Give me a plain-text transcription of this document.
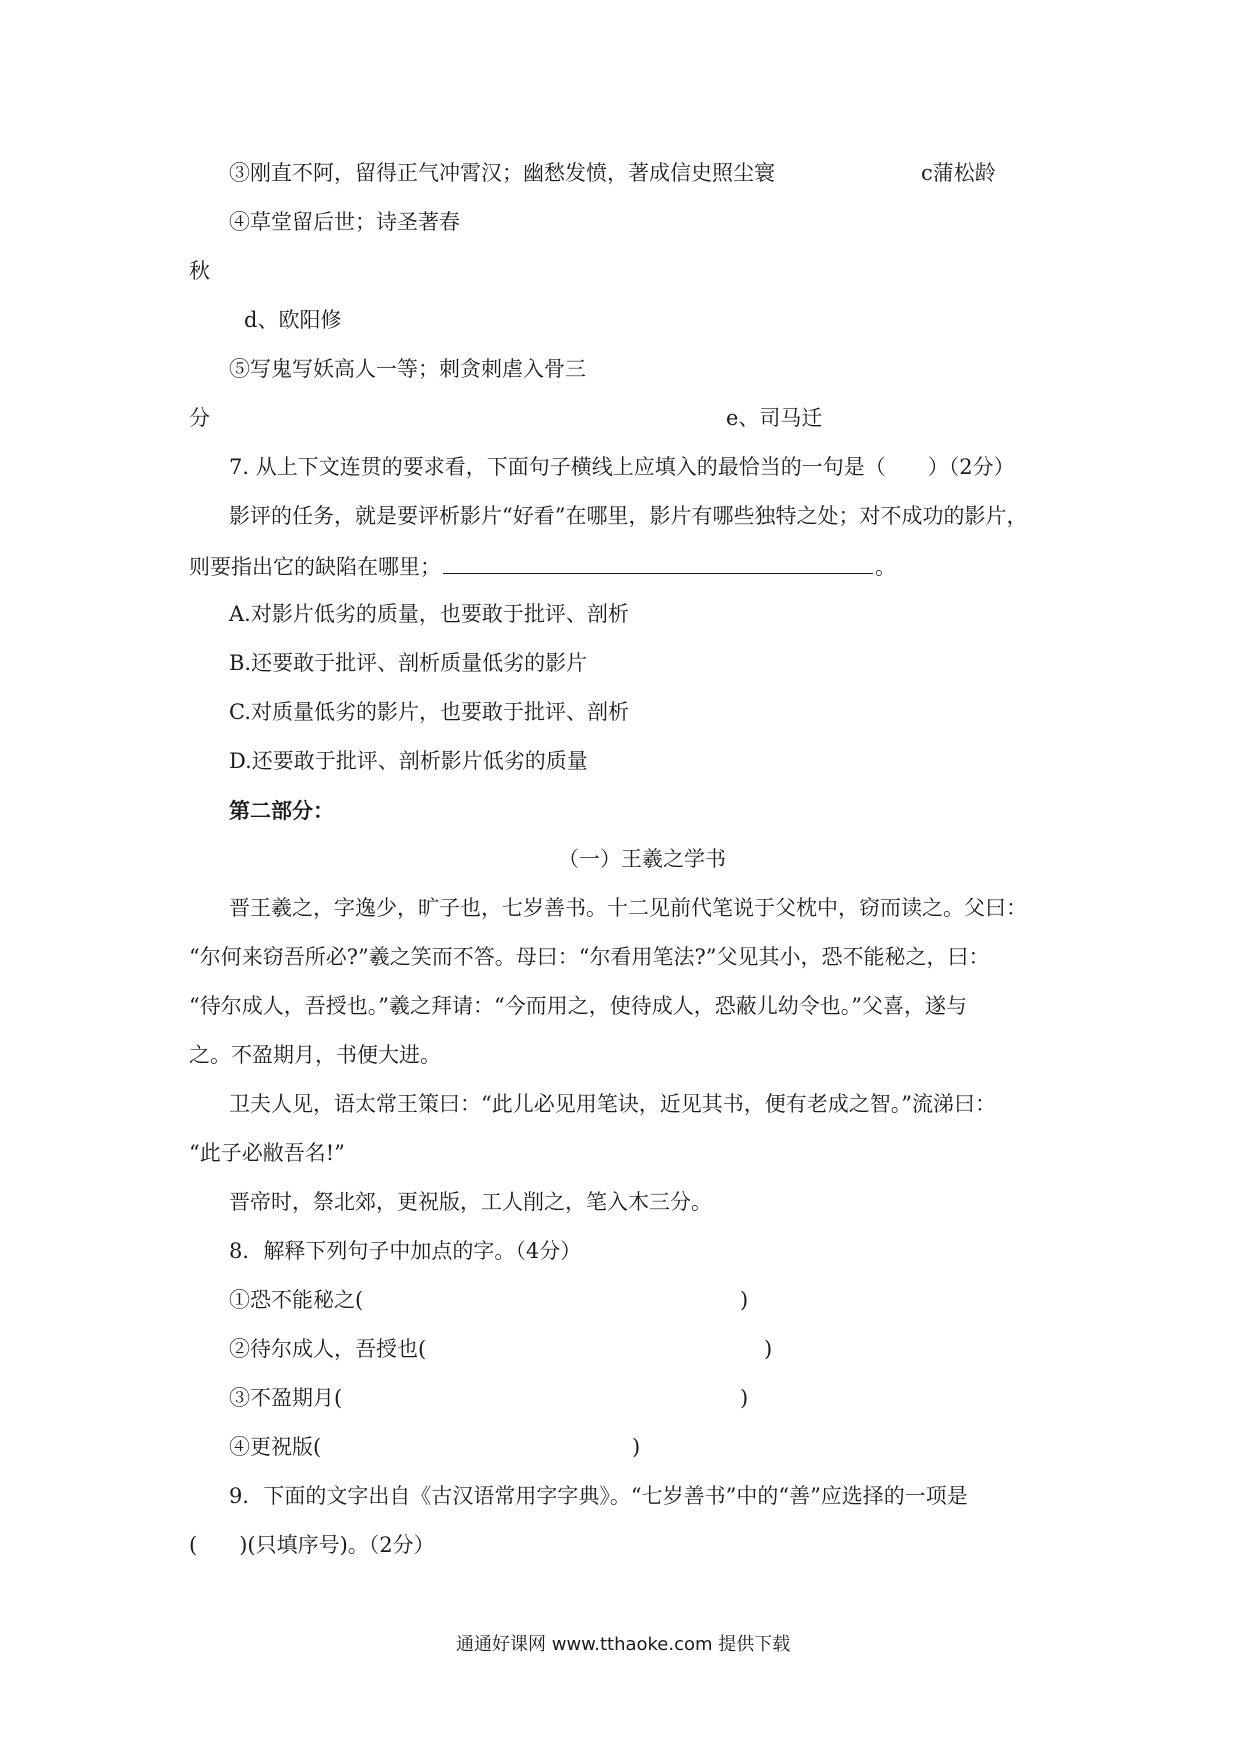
③刚直不阿，留得正气冲霄汉；幽愁发愤，著成信史照尘寰	c蒲松龄
④草堂留后世；诗圣著春
秋
d、欧阳修
⑤写鬼写妖高人一等；刺贪刺虐入骨三
分	e、司马迁
7. 从上下文连贯的要求看，下面句子横线上应填入的最恰当的一句是（　　）（2分）
影评的任务，就是要评析影片“好看”在哪里，影片有哪些独特之处；对不成功的影片，
则要指出它的缺陷在哪里；	。
A.对影片低劣的质量，也要敢于批评、剖析
B.还要敢于批评、剖析质量低劣的影片
C.对质量低劣的影片，也要敢于批评、剖析
D.还要敢于批评、剖析影片低劣的质量
第二部分：
（一）王羲之学书
晋王羲之，字逸少，旷子也，七岁善书。十二见前代笔说于父枕中，窃而读之。父曰：
“尔何来窃吾所必?”羲之笑而不答。母曰：“尔看用笔法?”父见其小，恐不能秘之，曰：
“待尔成人，吾授也。”羲之拜请：“今而用之，使待成人，恐蔽儿幼令也。”父喜，遂与
之。不盈期月，书便大进。
卫夫人见，语太常王策曰：“此儿必见用笔诀，近见其书，便有老成之智。”流涕曰：
“此子必敝吾名!”
晋帝时，祭北郊，更祝版，工人削之，笔入木三分。
8．解释下列句子中加点的字。（4分）
①恐不能秘之(	)
②待尔成人，吾授也(	)
③不盈期月(	)
④更祝版(	)
9．下面的文字出自《古汉语常用字字典》。“七岁善书”中的“善”应选择的一项是
(　　)(只填序号)。（2分）
通通好课网 www.tthaoke.com 提供下载
